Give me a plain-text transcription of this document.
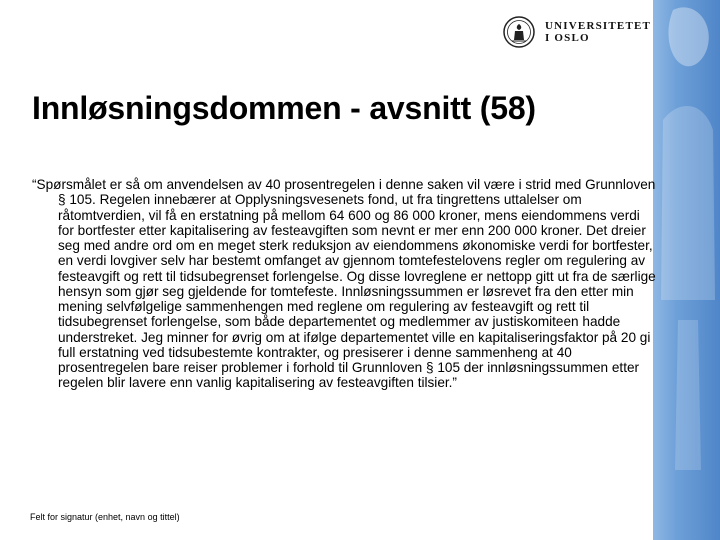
UNIVERSITETET
I OSLO
Innløsningsdommen - avsnitt (58)

“Spørsmålet er så om anvendelsen av 40 prosentregelen i denne saken vil være i strid med Grunnloven § 105. Regelen innebærer at Opplysningsvesenets fond, ut fra tingrettens uttalelser om råtomtverdien, vil få en erstatning på mellom 64 600 og 86 000 kroner, mens eiendommens verdi for bortfester etter kapitalisering av festeavgiften som nevnt er mer enn 200 000 kroner. Det dreier seg med andre ord om en meget sterk reduksjon av eiendommens økonomiske verdi for bortfester, en verdi lovgiver selv har bestemt omfanget av gjennom tomtefestelovens regler om regulering av festeavgift og rett til tidsubegrenset forlengelse. Og disse lovreglene er nettopp gitt ut fra de særlige hensyn som gjør seg gjeldende for tomtefeste. Innløsningssummen er løsrevet fra den etter min mening selvfølgelige sammenhengen med reglene om regulering av festeavgift og rett til tidsubegrenset forlengelse, som både departementet og medlemmer av justiskomiteen hadde understreket. Jeg minner for øvrig om at ifølge departementet ville en kapitaliseringsfaktor på 20 gi full erstatning ved tidsubestemte kontrakter, og presiserer i denne sammenheng at 40 prosentregelen bare reiser problemer i forhold til Grunnloven § 105 der innløsningssummen etter regelen blir lavere enn vanlig kapitalisering av festeavgiften tilsier.”

Felt for signatur (enhet, navn og tittel)
